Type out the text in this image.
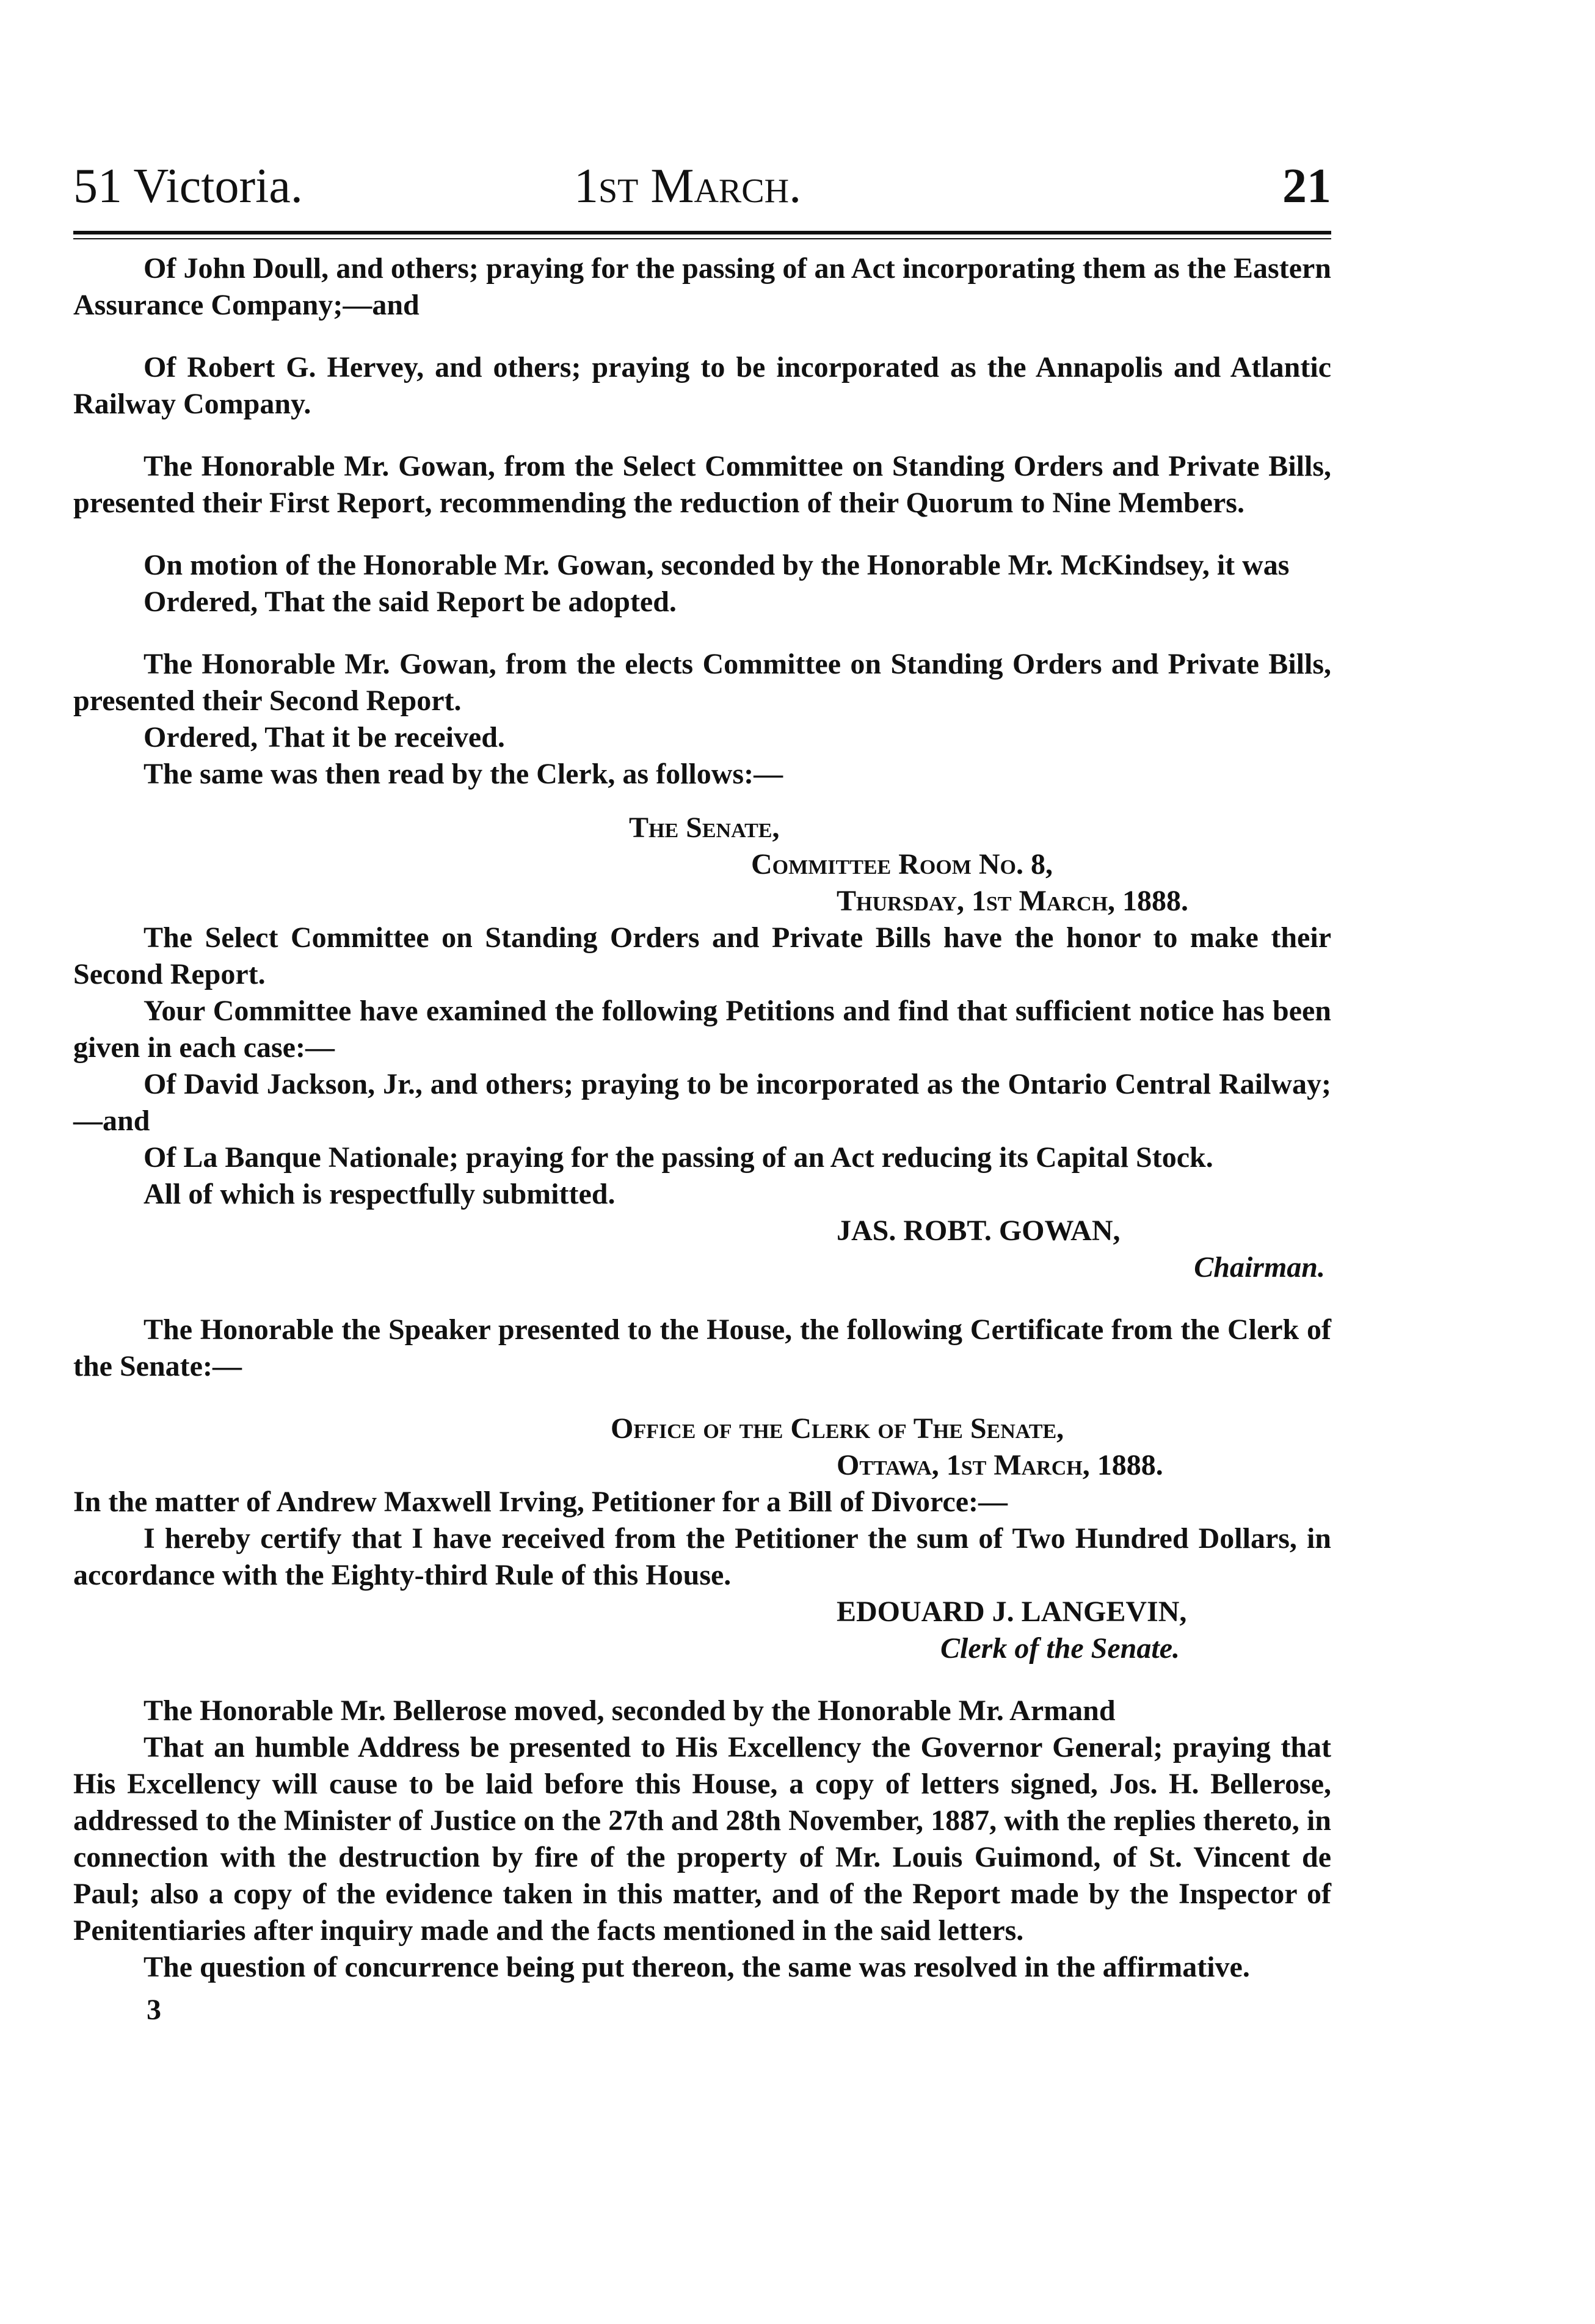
51 Victoria.	1st March.	21

Of John Doull, and others; praying for the passing of an Act incorporating them as the Eastern Assurance Company;—and

Of Robert G. Hervey, and others; praying to be incorporated as the Annapolis and Atlantic Railway Company.

The Honorable Mr. Gowan, from the Select Committee on Standing Orders and Private Bills, presented their First Report, recommending the reduction of their Quorum to Nine Members.

On motion of the Honorable Mr. Gowan, seconded by the Honorable Mr. McKindsey, it was

Ordered, That the said Report be adopted.

The Honorable Mr. Gowan, from the elects Committee on Standing Orders and Private Bills, presented their Second Report.

Ordered, That it be received.

The same was then read by the Clerk, as follows:—

The Senate,

Committee Room No. 8,

Thursday, 1st March, 1888.

The Select Committee on Standing Orders and Private Bills have the honor to make their Second Report.

Your Committee have examined the following Petitions and find that sufficient notice has been given in each case:—

Of David Jackson, Jr., and others; praying to be incorporated as the Ontario Central Railway;—and

Of La Banque Nationale; praying for the passing of an Act reducing its Capital Stock.

All of which is respectfully submitted.

JAS. ROBT. GOWAN,

Chairman.

The Honorable the Speaker presented to the House, the following Certificate from the Clerk of the Senate:—

Office of the Clerk of The Senate,

Ottawa, 1st March, 1888.

In the matter of Andrew Maxwell Irving, Petitioner for a Bill of Divorce:—

I hereby certify that I have received from the Petitioner the sum of Two Hundred Dollars, in accordance with the Eighty-third Rule of this House.

EDOUARD J. LANGEVIN,

Clerk of the Senate.

The Honorable Mr. Bellerose moved, seconded by the Honorable Mr. Armand

That an humble Address be presented to His Excellency the Governor General; praying that His Excellency will cause to be laid before this House, a copy of letters signed, Jos. H. Bellerose, addressed to the Minister of Justice on the 27th and 28th November, 1887, with the replies thereto, in connection with the destruction by fire of the property of Mr. Louis Guimond, of St. Vincent de Paul; also a copy of the evidence taken in this matter, and of the Report made by the Inspector of Penitentiaries after inquiry made and the facts mentioned in the said letters.

The question of concurrence being put thereon, the same was resolved in the affirmative.

3
